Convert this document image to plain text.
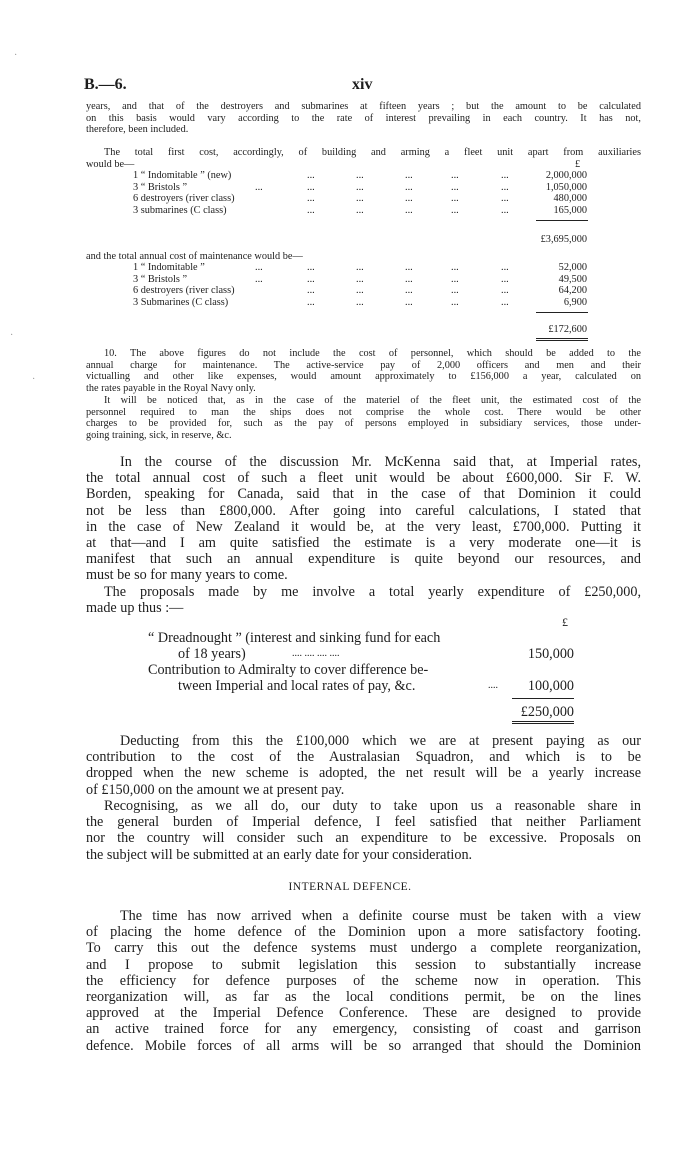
B.—6.	xiv
years, and that of the destroyers and submarines at fifteen years ; but the amount to be calculated
on this basis would vary according to the rate of interest prevailing in each country. It has not,
therefore, been included.
The total first cost, accordingly, of building and arming a fleet unit apart from auxiliaries
would be—	£
1 “ Indomitable ” (new)	...	...	...	...	...	2,000,000
3 “ Bristols ”	...	...	...	...	...	...	1,050,000
6 destroyers (river class)	...	...	...	...	...	480,000
3 submarines (C class)	...	...	...	...	...	165,000
£3,695,000
and the total annual cost of maintenance would be—
1 “ Indomitable ”	...	...	...	...	...	...	52,000
3 “ Bristols ”	...	...	...	...	...	...	49,500
6 destroyers (river class)	...	...	...	...	...	64,200
3 Submarines (C class)	...	...	...	...	...	6,900
£172,600
10. The above figures do not include the cost of personnel, which should be added to the
annual charge for maintenance. The active-service pay of 2,000 officers and men and their
victualling and other like expenses, would amount approximately to £156,000 a year, calculated on
the rates payable in the Royal Navy only.
It will be noticed that, as in the case of the materiel of the fleet unit, the estimated cost of the
personnel required to man the ships does not comprise the whole cost. There would be other
charges to be provided for, such as the pay of persons employed in subsidiary services, those under-
going training, sick, in reserve, &c.
In the course of the discussion Mr. McKenna said that, at Imperial rates,
the total annual cost of such a fleet unit would be about £600,000. Sir F. W.
Borden, speaking for Canada, said that in the case of that Dominion it could
not be less than £800,000. After going into careful calculations, I stated that
in the case of New Zealand it would be, at the very least, £700,000. Putting it
at that—and I am quite satisfied the estimate is a very moderate one—it is
manifest that such an annual expenditure is quite beyond our resources, and
must be so for many years to come.
The proposals made by me involve a total yearly expenditure of £250,000,
made up thus :—
£
“ Dreadnought ” (interest and sinking fund for each
of 18 years)	.... .... .... ....	150,000
Contribution to Admiralty to cover difference be-
tween Imperial and local rates of pay, &c.	....	100,000
£250,000
Deducting from this the £100,000 which we are at present paying as our
contribution to the cost of the Australasian Squadron, and which is to be
dropped when the new scheme is adopted, the net result will be a yearly increase
of £150,000 on the amount we at present pay.
Recognising, as we all do, our duty to take upon us a reasonable share in
the general burden of Imperial defence, I feel satisfied that neither Parliament
nor the country will consider such an expenditure to be excessive. Proposals on
the subject will be submitted at an early date for your consideration.
INTERNAL DEFENCE.
The time has now arrived when a definite course must be taken with a view
of placing the home defence of the Dominion upon a more satisfactory footing.
To carry this out the defence systems must undergo a complete reorganization,
and I propose to submit legislation this session to substantially increase
the efficiency for defence purposes of the scheme now in operation. This
reorganization will, as far as the local conditions permit, be on the lines
approved at the Imperial Defence Conference. These are designed to provide
an active trained force for any emergency, consisting of coast and garrison
defence. Mobile forces of all arms will be so arranged that should the Dominion
·
·
·
